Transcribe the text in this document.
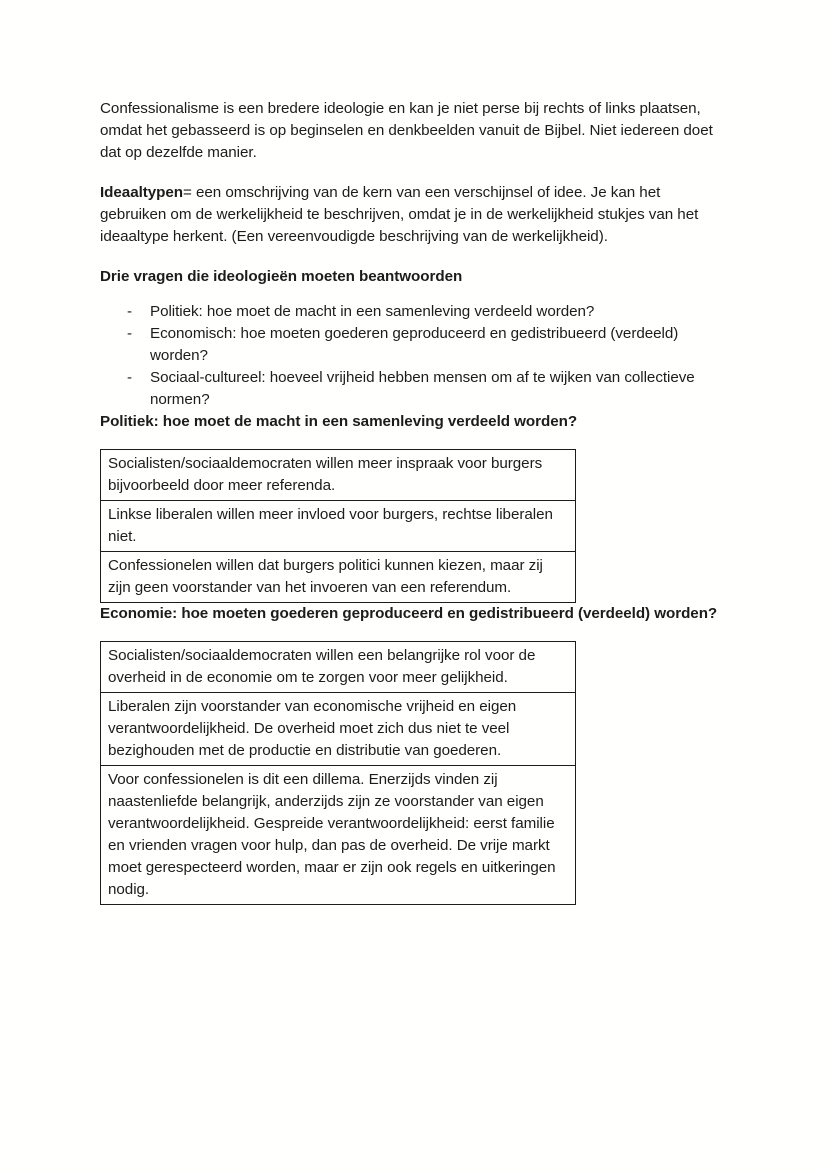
Confessionalisme is een bredere ideologie en kan je niet perse bij rechts of links plaatsen, omdat het gebasseerd is op beginselen en denkbeelden vanuit de Bijbel. Niet iedereen doet dat op dezelfde manier.

Ideaaltypen= een omschrijving van de kern van een verschijnsel of idee. Je kan het gebruiken om de werkelijkheid te beschrijven, omdat je in de werkelijkheid stukjes van het ideaaltype herkent. (Een vereenvoudigde beschrijving van de werkelijkheid).

Drie vragen die ideologieën moeten beantwoorden
- Politiek: hoe moet de macht in een samenleving verdeeld worden?
- Economisch: hoe moeten goederen geproduceerd en gedistribueerd (verdeeld) worden?
- Sociaal-cultureel: hoeveel vrijheid hebben mensen om af te wijken van collectieve normen?
Politiek: hoe moet de macht in een samenleving verdeeld worden?
Socialisten/sociaaldemocraten willen meer inspraak voor burgers bijvoorbeeld door meer referenda.
Linkse liberalen willen meer invloed voor burgers, rechtse liberalen niet.
Confessionelen willen dat burgers politici kunnen kiezen, maar zij zijn geen voorstander van het invoeren van een referendum.
Economie: hoe moeten goederen geproduceerd en gedistribueerd (verdeeld) worden?
Socialisten/sociaaldemocraten willen een belangrijke rol voor de overheid in de economie om te zorgen voor meer gelijkheid.
Liberalen zijn voorstander van economische vrijheid en eigen verantwoordelijkheid. De overheid moet zich dus niet te veel bezighouden met de productie en distributie van goederen.
Voor confessionelen is dit een dillema. Enerzijds vinden zij naastenliefde belangrijk, anderzijds zijn ze voorstander van eigen verantwoordelijkheid. Gespreide verantwoordelijkheid: eerst familie en vrienden vragen voor hulp, dan pas de overheid. De vrije markt moet gerespecteerd worden, maar er zijn ook regels en uitkeringen nodig.
